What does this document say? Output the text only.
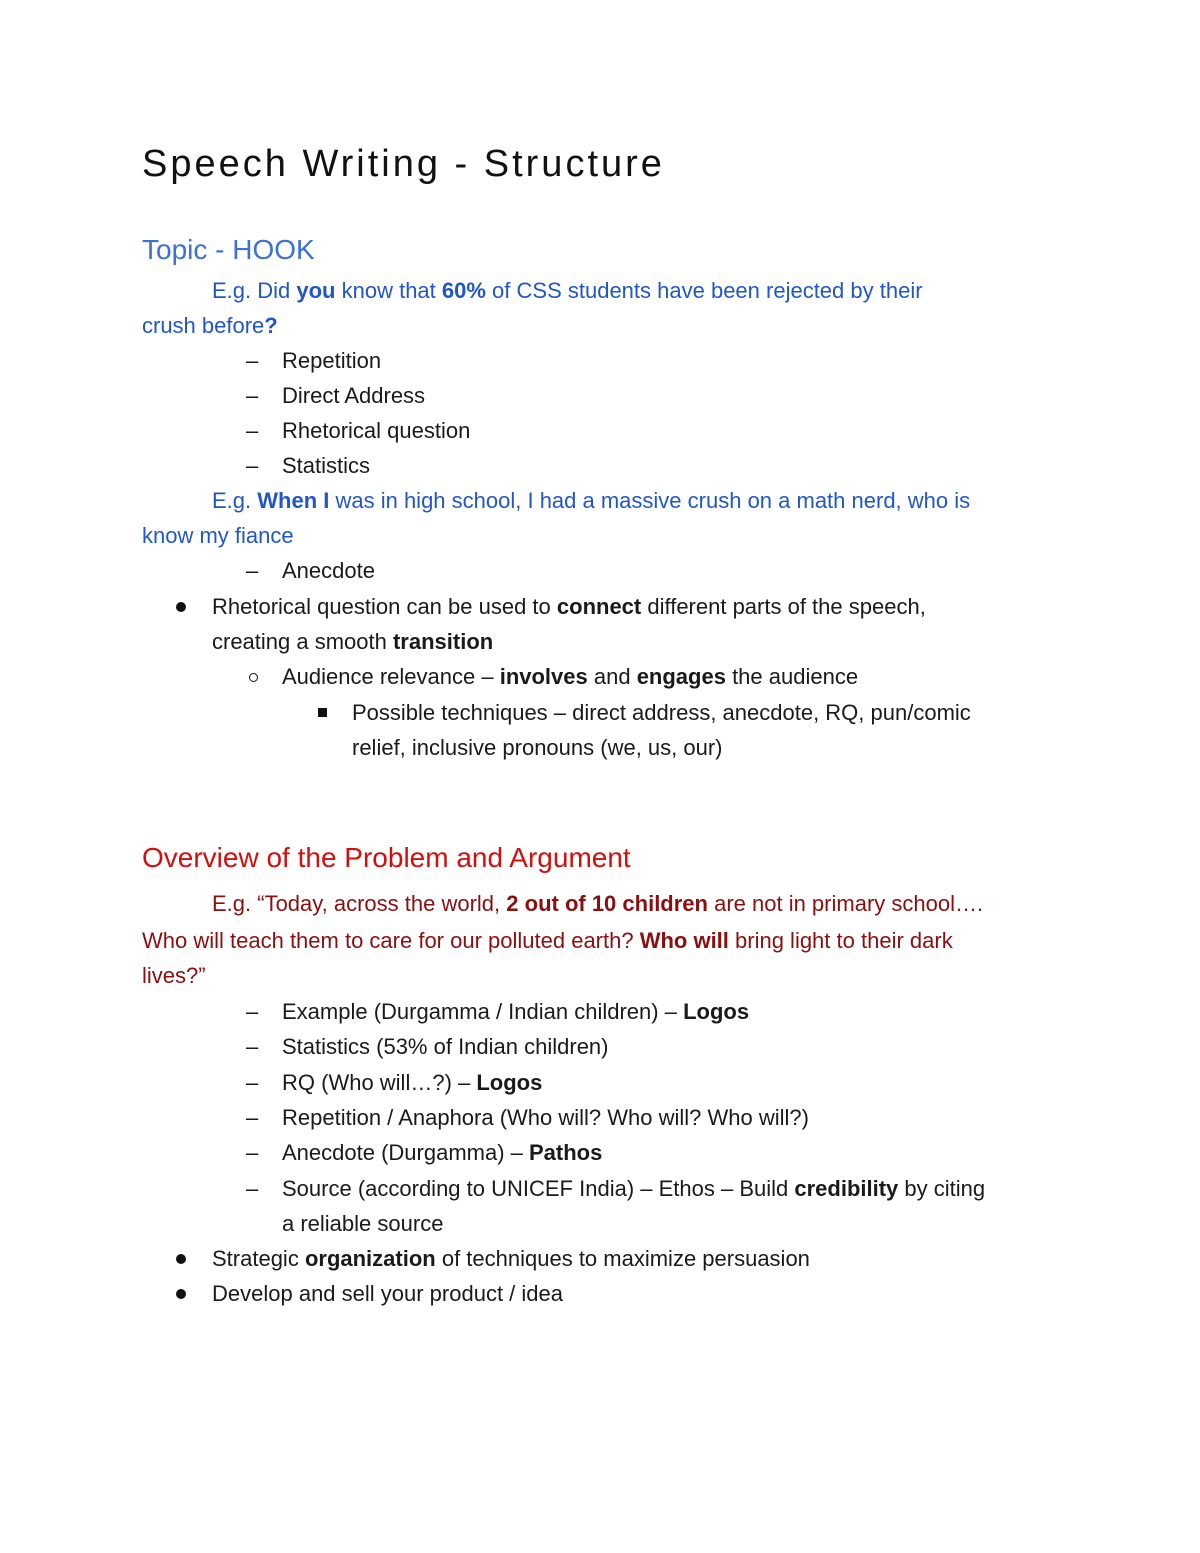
Speech Writing - Structure
Topic - HOOK
E.g. Did you know that 60% of CSS students have been rejected by their
crush before?
–
Repetition
–
Direct Address
–
Rhetorical question
–
Statistics
E.g. When I was in high school, I had a massive crush on a math nerd, who is
know my fiance
–
Anecdote
Rhetorical question can be used to connect different parts of the speech,
creating a smooth transition
Audience relevance – involves and engages the audience
Possible techniques – direct address, anecdote, RQ, pun/comic
relief, inclusive pronouns (we, us, our)
Overview of the Problem and Argument
E.g. “Today, across the world, 2 out of 10 children are not in primary school….
Who will teach them to care for our polluted earth? Who will bring light to their dark
lives?”
–
Example (Durgamma / Indian children) – Logos
–
Statistics (53% of Indian children)
–
RQ (Who will…?) – Logos
–
Repetition / Anaphora (Who will? Who will? Who will?)
–
Anecdote (Durgamma) – Pathos
–
Source (according to UNICEF India) – Ethos – Build credibility by citing
a reliable source
Strategic organization of techniques to maximize persuasion
Develop and sell your product / idea
